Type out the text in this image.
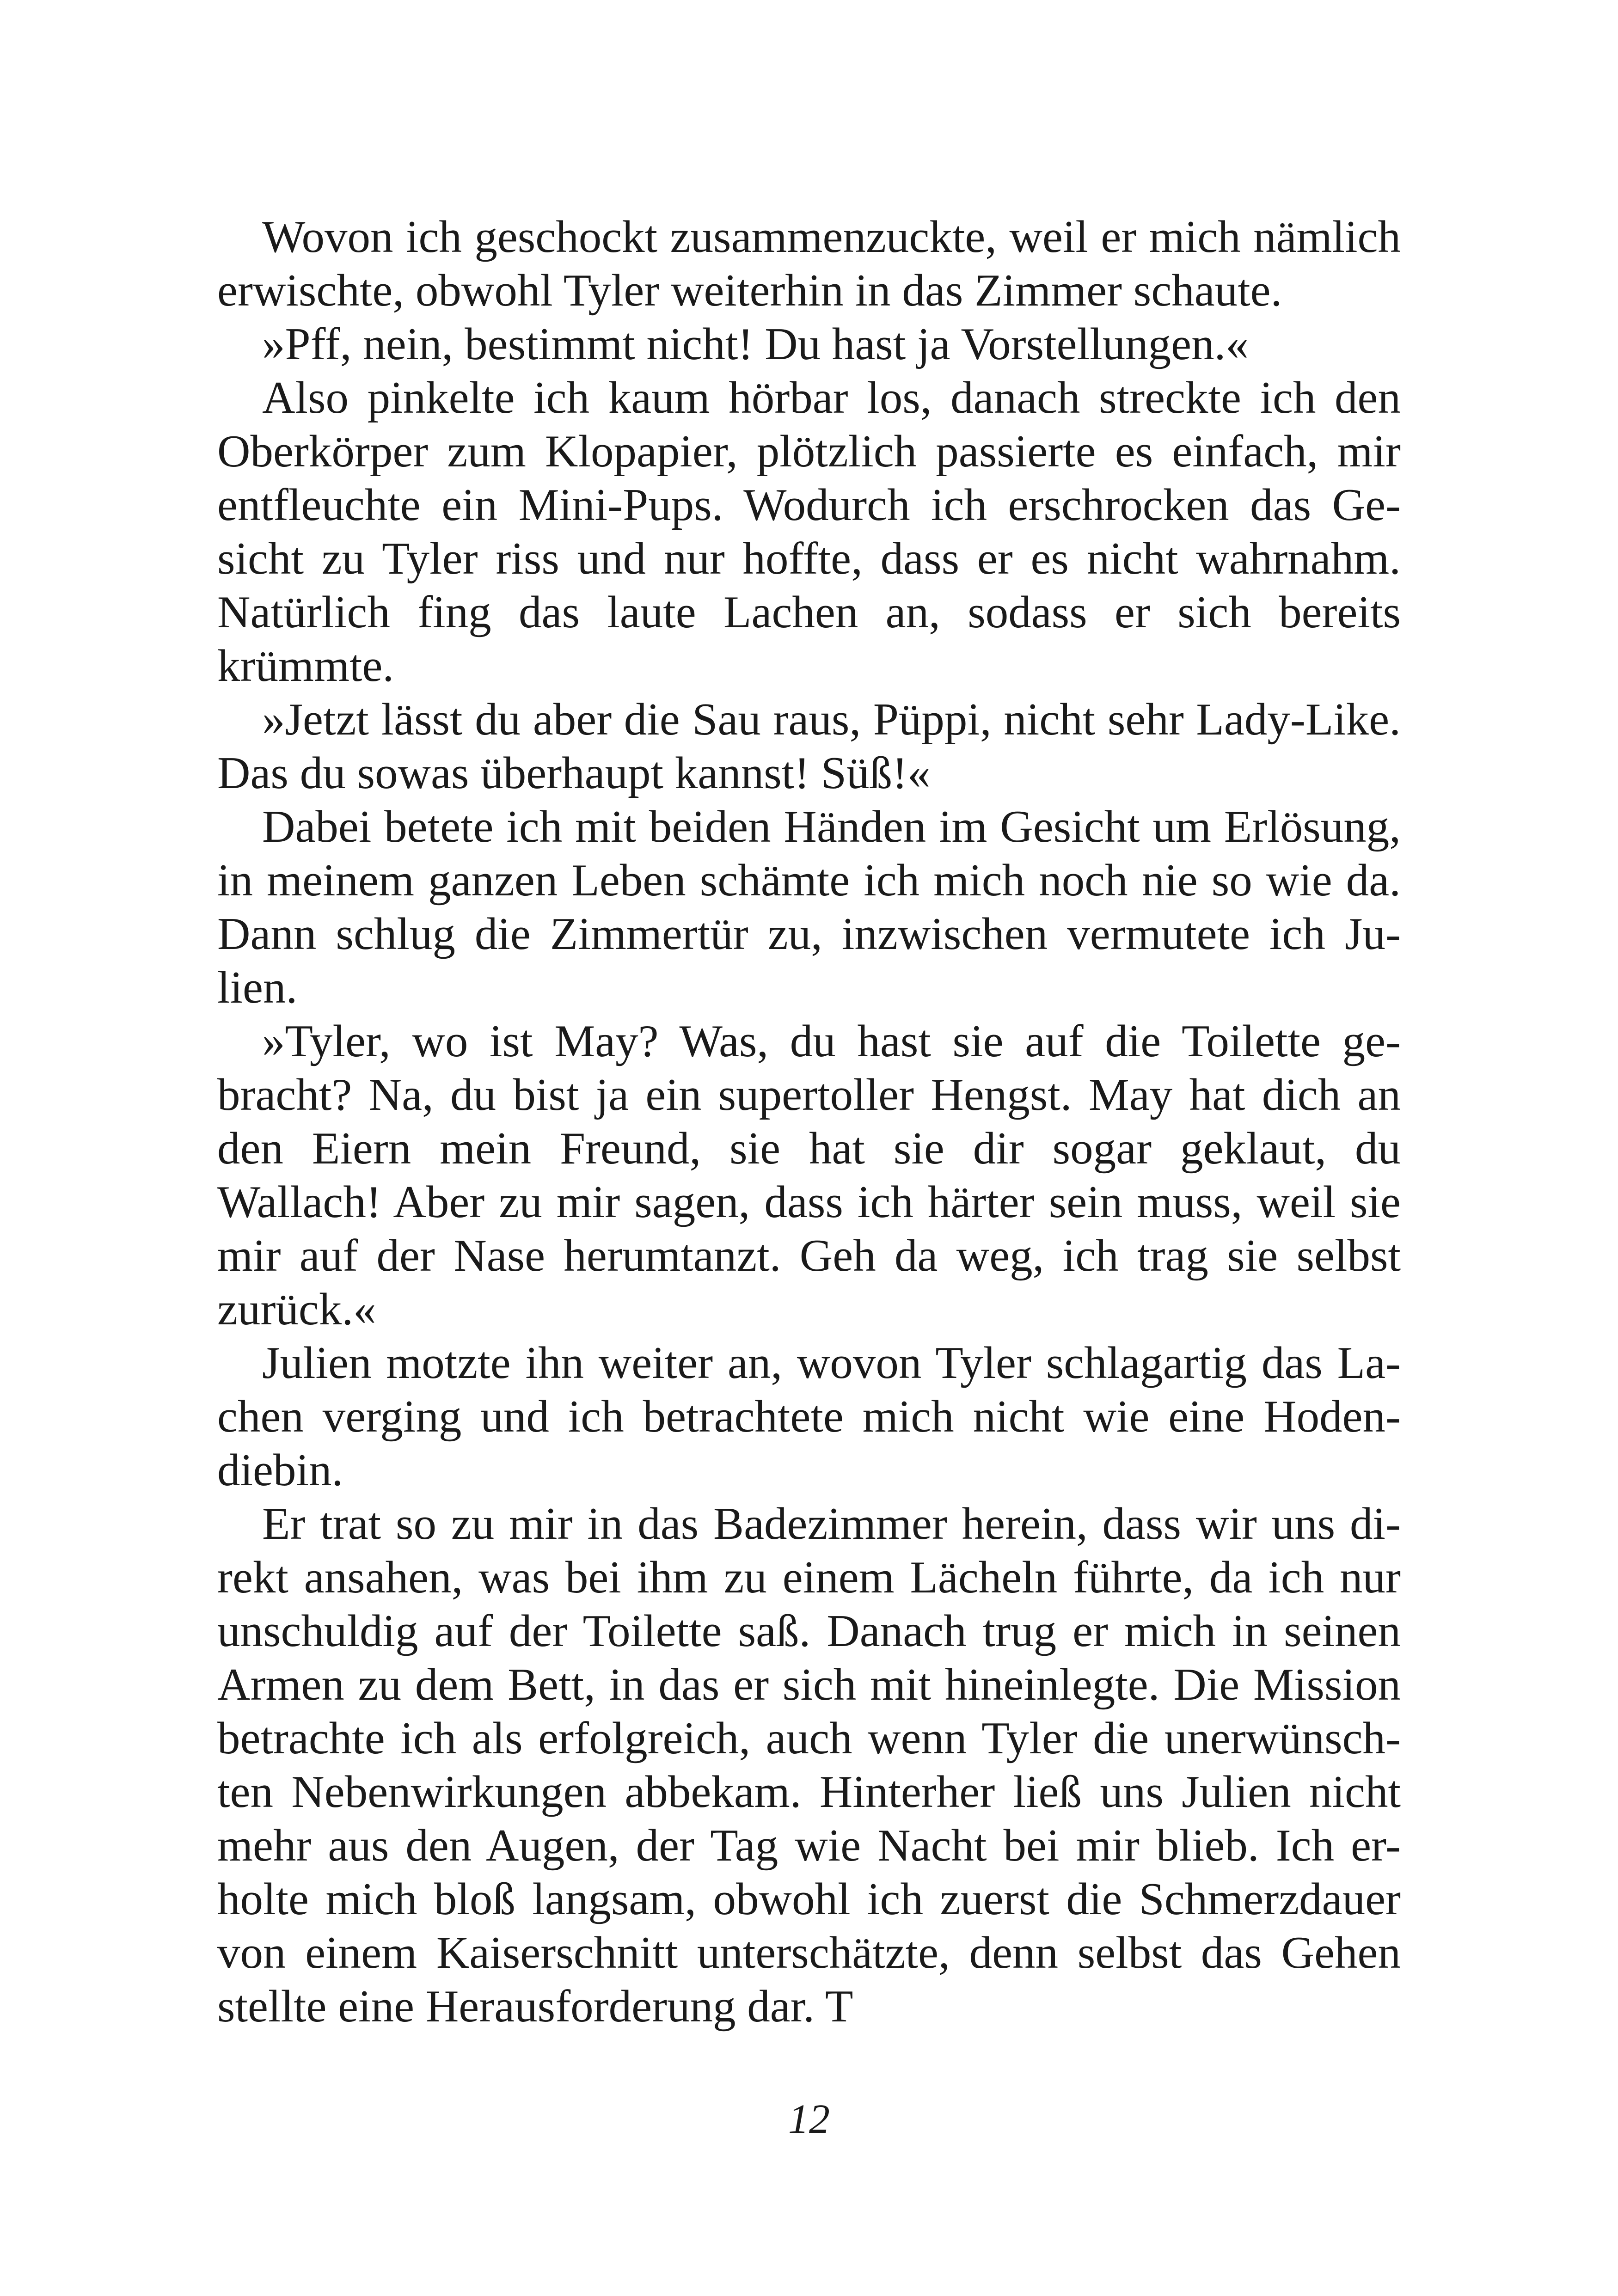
Wovon ich geschockt zusammenzuckte, weil er mich nämlich
erwischte, obwohl Tyler weiterhin in das Zimmer schaute.
»Pff, nein, bestimmt nicht! Du hast ja Vorstellungen.«
Also pinkelte ich kaum hörbar los, danach streckte ich den
Oberkörper zum Klopapier, plötzlich passierte es einfach, mir
entfleuchte ein Mini-Pups. Wodurch ich erschrocken das Ge-
sicht zu Tyler riss und nur hoffte, dass er es nicht wahrnahm.
Natürlich fing das laute Lachen an, sodass er sich bereits
krümmte.
»Jetzt lässt du aber die Sau raus, Püppi, nicht sehr Lady-Like.
Das du sowas überhaupt kannst! Süß!«
Dabei betete ich mit beiden Händen im Gesicht um Erlösung,
in meinem ganzen Leben schämte ich mich noch nie so wie da.
Dann schlug die Zimmertür zu, inzwischen vermutete ich Ju-
lien.
»Tyler, wo ist May? Was, du hast sie auf die Toilette ge-
bracht? Na, du bist ja ein supertoller Hengst. May hat dich an
den Eiern mein Freund, sie hat sie dir sogar geklaut, du
Wallach! Aber zu mir sagen, dass ich härter sein muss, weil sie
mir auf der Nase herumtanzt. Geh da weg, ich trag sie selbst
zurück.«
Julien motzte ihn weiter an, wovon Tyler schlagartig das La-
chen verging und ich betrachtete mich nicht wie eine Hoden-
diebin.
Er trat so zu mir in das Badezimmer herein, dass wir uns di-
rekt ansahen, was bei ihm zu einem Lächeln führte, da ich nur
unschuldig auf der Toilette saß. Danach trug er mich in seinen
Armen zu dem Bett, in das er sich mit hineinlegte. Die Mission
betrachte ich als erfolgreich, auch wenn Tyler die unerwünsch-
ten Nebenwirkungen abbekam. Hinterher ließ uns Julien nicht
mehr aus den Augen, der Tag wie Nacht bei mir blieb. Ich er-
holte mich bloß langsam, obwohl ich zuerst die Schmerzdauer
von einem Kaiserschnitt unterschätzte, denn selbst das Gehen
stellte eine Herausforderung dar. T
12
